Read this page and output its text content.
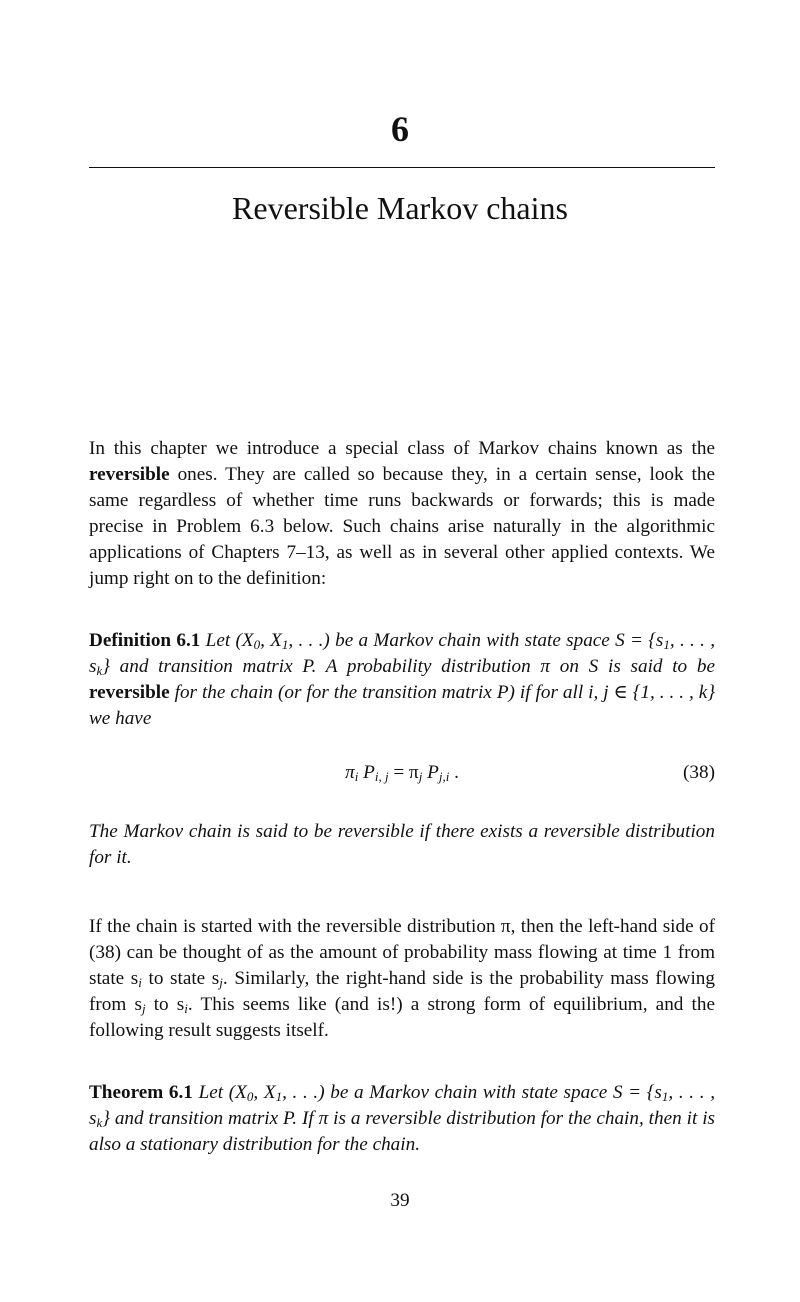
6
Reversible Markov chains

In this chapter we introduce a special class of Markov chains known as the reversible ones. They are called so because they, in a certain sense, look the same regardless of whether time runs backwards or forwards; this is made precise in Problem 6.3 below. Such chains arise naturally in the algorithmic applications of Chapters 7–13, as well as in several other applied contexts. We jump right on to the definition:

Definition 6.1 Let ($X_0$, $X_1$, . . .) be a Markov chain with state space $S = \{s_1$, . . . , $s_k$} and transition matrix P. A probability distribution π on S is said to be reversible for the chain (or for the transition matrix P) if for all i, j ∈ {1, . . . , k} we have

$\pi_i$ $P_{i, j} = \pi_j$ $P_{j,i}$ .	(38)

The Markov chain is said to be reversible if there exists a reversible distribution for it.

If the chain is started with the reversible distribution π, then the left-hand side of (38) can be thought of as the amount of probability mass flowing at time 1 from state $s_i$ to state $s_j$. Similarly, the right-hand side is the probability mass flowing from $s_j$ to $s_i$. This seems like (and is!) a strong form of equilibrium, and the following result suggests itself.

Theorem 6.1 Let ($X_0$, $X_1$, . . .) be a Markov chain with state space $S = \{s_1$, . . . , $s_k$} and transition matrix P. If π is a reversible distribution for the chain, then it is also a stationary distribution for the chain.

39
